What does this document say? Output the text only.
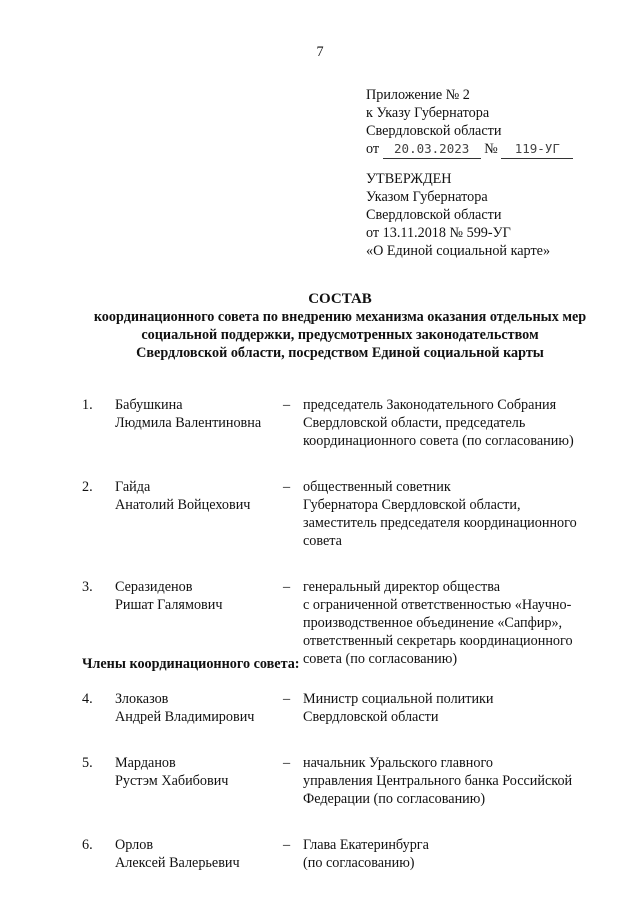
7
Приложение № 2
к Указу Губернатора
Свердловской области
от 20.03.2023 № 119-УГ
УТВЕРЖДЕН
Указом Губернатора
Свердловской области
от 13.11.2018 № 599-УГ
«О Единой социальной карте»
СОСТАВ
координационного совета по внедрению механизма оказания отдельных мер
социальной поддержки, предусмотренных законодательством
Свердловской области, посредством Единой социальной карты
1.	Бабушкина
Людмила Валентиновна
– председатель Законодательного Собрания
Свердловской области, председатель
координационного совета (по согласованию)
2.	Гайда
Анатолий Войцехович
– общественный советник
Губернатора Свердловской области,
заместитель председателя координационного
совета
3.	Серазиденов
Ришат Галямович
– генеральный директор общества
с ограниченной ответственностью «Научно-
производственное объединение «Сапфир»,
ответственный секретарь координационного
совета (по согласованию)
Члены координационного совета:
4.	Злоказов
Андрей Владимирович
– Министр социальной политики
Свердловской области
5.	Марданов
Рустэм Хабибович
– начальник Уральского главного
управления Центрального банка Российской
Федерации (по согласованию)
6.	Орлов
Алексей Валерьевич
– Глава Екатеринбурга
(по согласованию)
